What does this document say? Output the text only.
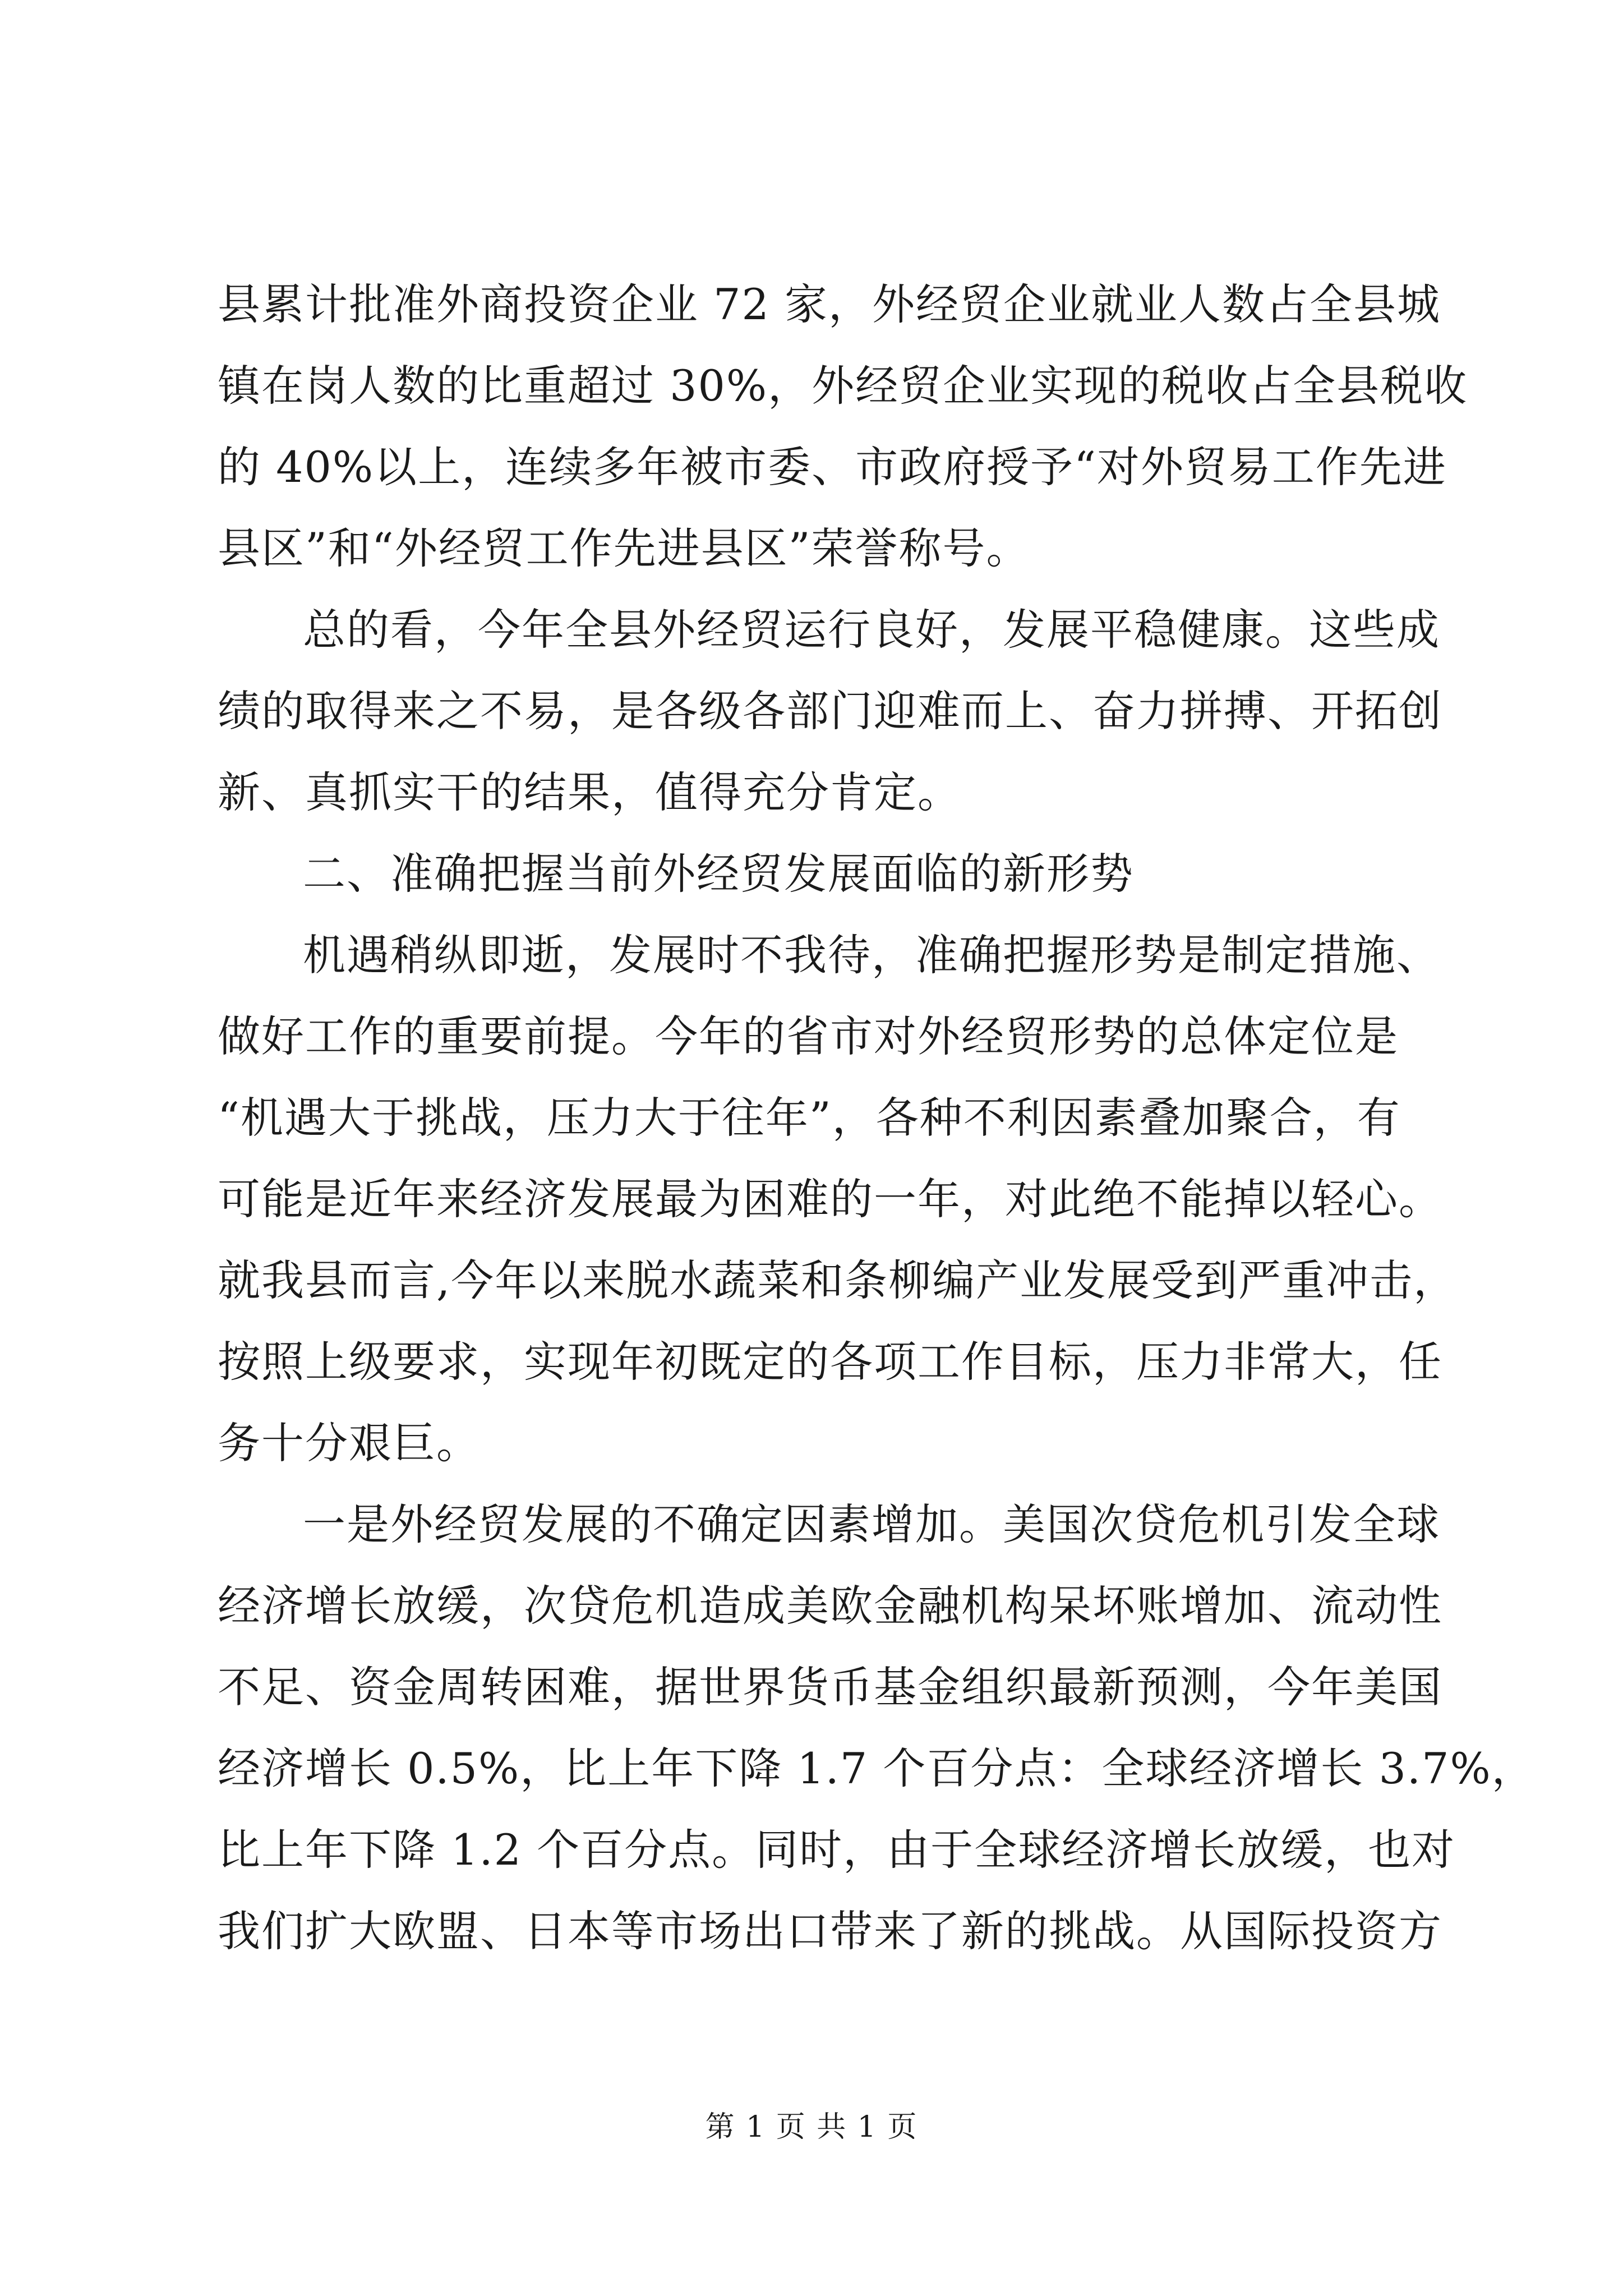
县累计批准外商投资企业 72 家，外经贸企业就业人数占全县城
镇在岗人数的比重超过 30%，外经贸企业实现的税收占全县税收
的 40%以上，连续多年被市委、市政府授予“对外贸易工作先进
县区”和“外经贸工作先进县区”荣誉称号。
总的看，今年全县外经贸运行良好，发展平稳健康。这些成
绩的取得来之不易，是各级各部门迎难而上、奋力拼搏、开拓创
新、真抓实干的结果，值得充分肯定。
二、准确把握当前外经贸发展面临的新形势
机遇稍纵即逝，发展时不我待，准确把握形势是制定措施、
做好工作的重要前提。今年的省市对外经贸形势的总体定位是
“机遇大于挑战，压力大于往年”，各种不利因素叠加聚合，有
可能是近年来经济发展最为困难的一年，对此绝不能掉以轻心。
就我县而言,今年以来脱水蔬菜和条柳编产业发展受到严重冲击，
按照上级要求，实现年初既定的各项工作目标，压力非常大，任
务十分艰巨。
一是外经贸发展的不确定因素增加。美国次贷危机引发全球
经济增长放缓，次贷危机造成美欧金融机构呆坏账增加、流动性
不足、资金周转困难，据世界货币基金组织最新预测，今年美国
经济增长 0.5%，比上年下降 1.7 个百分点：全球经济增长 3.7%，
比上年下降 1.2 个百分点。同时，由于全球经济增长放缓，也对
我们扩大欧盟、日本等市场出口带来了新的挑战。从国际投资方
第 1 页 共 1 页
